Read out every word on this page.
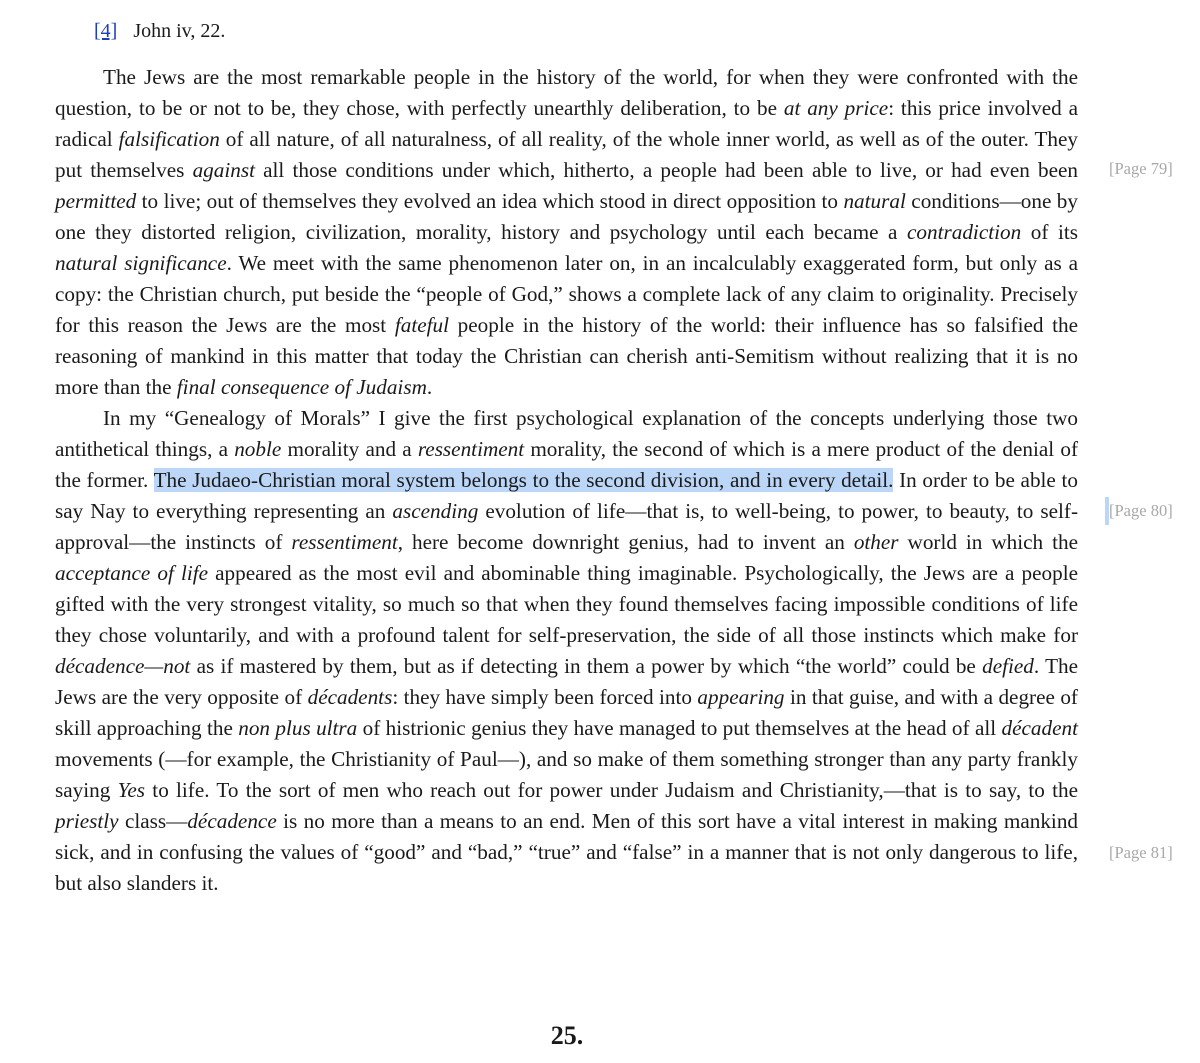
[4] John iv, 22.

The Jews are the most remarkable people in the history of the world, for when they were confronted with the question, to be or not to be, they chose, with perfectly unearthly deliberation, to be at any price: this price involved a radical falsification of all nature, of all naturalness, of all reality, of the whole inner world, as well as of the outer. They put themselves against all those conditions under which, hitherto, a people had been able to live, or had even been permitted to live; out of themselves they evolved an idea which stood in direct opposition to natural conditions—one by one they distorted religion, civilization, morality, history and psychology until each became a contradiction of its natural significance. We meet with the same phenomenon later on, in an incalculably exaggerated form, but only as a copy: the Christian church, put beside the “people of God,” shows a complete lack of any claim to originality. Precisely for this reason the Jews are the most fateful people in the history of the world: their influence has so falsified the reasoning of mankind in this matter that today the Christian can cherish anti-Semitism without realizing that it is no more than the final consequence of Judaism.

In my “Genealogy of Morals” I give the first psychological explanation of the concepts underlying those two antithetical things, a noble morality and a ressentiment morality, the second of which is a mere product of the denial of the former. The Judaeo-Christian moral system belongs to the second division, and in every detail. In order to be able to say Nay to everything representing an ascending evolution of life—that is, to well-being, to power, to beauty, to self-approval—the instincts of ressentiment, here become downright genius, had to invent an other world in which the acceptance of life appeared as the most evil and abominable thing imaginable. Psychologically, the Jews are a people gifted with the very strongest vitality, so much so that when they found themselves facing impossible conditions of life they chose voluntarily, and with a profound talent for self-preservation, the side of all those instincts which make for décadence—not as if mastered by them, but as if detecting in them a power by which “the world” could be defied. The Jews are the very opposite of décadents: they have simply been forced into appearing in that guise, and with a degree of skill approaching the non plus ultra of histrionic genius they have managed to put themselves at the head of all décadent movements (—for example, the Christianity of Paul—), and so make of them something stronger than any party frankly saying Yes to life. To the sort of men who reach out for power under Judaism and Christianity,—that is to say, to the priestly class—décadence is no more than a means to an end. Men of this sort have a vital interest in making mankind sick, and in confusing the values of “good” and “bad,” “true” and “false” in a manner that is not only dangerous to life, but also slanders it.

[Page 79]
[Page 80]
[Page 81]
25.
